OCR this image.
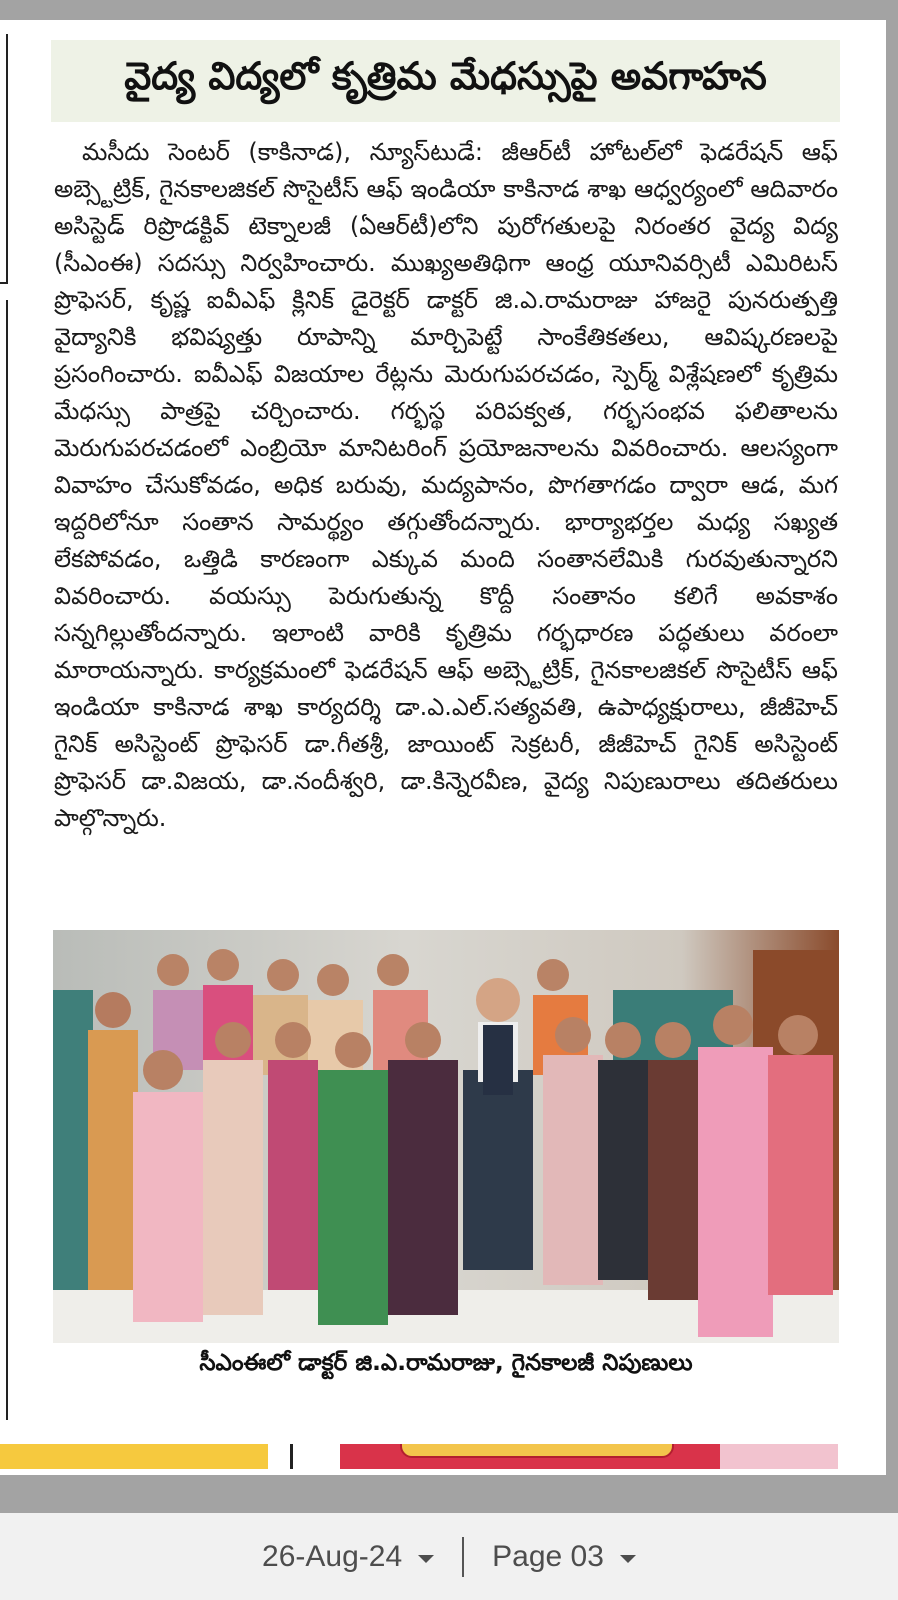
వైద్య విద్యలో కృత్రిమ మేధస్సుపై అవగాహన
మసీదు సెంటర్ (కాకినాడ), న్యూస్‌టుడే: జీఆర్‌టీ హోటల్‌లో ఫెడరేషన్ ఆఫ్ అబ్స్టెట్రిక్, గైనకాలజికల్ సొసైటీస్ ఆఫ్ ఇండియా కాకినాడ శాఖ ఆధ్వర్యంలో ఆదివారం అసిస్టెడ్ రిప్రొడక్టివ్ టెక్నాలజీ (ఏఆర్‌టీ)లోని పురోగతులపై నిరంతర వైద్య విద్య (సీఎంఈ) సదస్సు నిర్వహించారు. ముఖ్యఅతిథిగా ఆంధ్ర యూనివర్సిటీ ఎమిరిటస్ ప్రొఫెసర్, కృష్ణ ఐవీఎఫ్ క్లినిక్ డైరెక్టర్ డాక్టర్ జి.ఎ.రామరాజు హాజరై పునరుత్పత్తి వైద్యానికి భవిష్యత్తు రూపాన్ని మార్చిపెట్టే సాంకేతికతలు, ఆవిష్కరణలపై ప్రసంగించారు. ఐవీఎఫ్ విజయాల రేట్లను మెరుగుపరచడం, స్పెర్మ్ విశ్లేషణలో కృత్రిమ మేధస్సు పాత్రపై చర్చించారు. గర్భస్థ పరిపక్వత, గర్భసంభవ ఫలితాలను మెరుగుపరచడంలో ఎంబ్రియో మానిటరింగ్ ప్రయోజనాలను వివరించారు. ఆలస్యంగా వివాహం చేసుకోవడం, అధిక బరువు, మద్యపానం, పొగతాగడం ద్వారా ఆడ, మగ ఇద్దరిలోనూ సంతాన సామర్థ్యం తగ్గుతోందన్నారు. భార్యాభర్తల మధ్య సఖ్యత లేకపోవడం, ఒత్తిడి కారణంగా ఎక్కువ మంది సంతానలేమికి గురవుతున్నారని వివరించారు. వయస్సు పెరుగుతున్న కొద్దీ సంతానం కలిగే అవకాశం సన్నగిల్లుతోందన్నారు. ఇలాంటి వారికి కృత్రిమ గర్భధారణ పద్ధతులు వరంలా మారాయన్నారు. కార్యక్రమంలో ఫెడరేషన్ ఆఫ్ అబ్స్టెట్రిక్, గైనకాలజికల్ సొసైటీస్ ఆఫ్ ఇండియా కాకినాడ శాఖ కార్యదర్శి డా.ఎ.ఎల్.సత్యవతి, ఉపాధ్యక్షురాలు, జీజీహెచ్ గైనిక్ అసిస్టెంట్ ప్రొఫెసర్ డా.గీతశ్రీ, జాయింట్ సెక్రటరీ, జీజీహెచ్ గైనిక్ అసిస్టెంట్ ప్రొఫెసర్ డా.విజయ, డా.నందీశ్వరి, డా.కిన్నెరవీణ, వైద్య నిపుణురాలు తదితరులు పాల్గొన్నారు.
సీఎంఈలో డాక్టర్ జి.ఎ.రామరాజు, గైనకాలజీ నిపుణులు
26-Aug-24	Page 03
